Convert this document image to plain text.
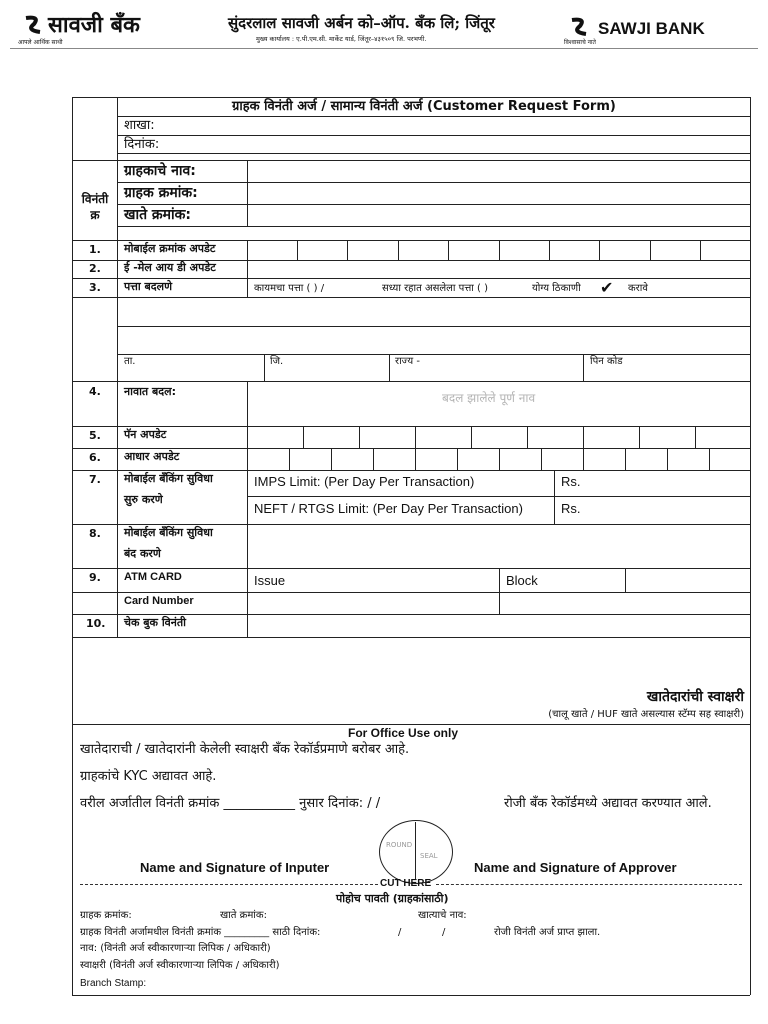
सावजी बँक
आपले आर्थिक साथी
सुंदरलाल सावजी अर्बन को–ऑप. बँक लि; जिंतूर
मुख्य कार्यालय : ए.पी.एम.सी. मार्केट यार्ड, जिंतूर–४३१५०९ जि. परभणी.
SAWJI BANK
विश्वासाचे नाते
ग्राहक विनंती अर्ज / सामान्य विनंती अर्ज (Customer Request Form)
शाखा:
दिनांक:
विनंती क्र
ग्राहकाचे नाव:
ग्राहक क्रमांक:
खाते क्रमांक:
1. मोबाईल क्रमांक अपडेट
2. ई -मेल आय डी अपडेट
3. पत्ता बदलणे	कायमचा पत्ता ( ) /	सध्या रहात असलेला पत्ता ( )	योग्य ठिकाणी ✔ करावे
ता.	जि.	राज्य -	पिन कोड
4. नावात बदल:	बदल झालेले पूर्ण नाव
5. पॅन अपडेट
6. आधार अपडेट
7. मोबाईल बँकिंग सुविधा
सुरु करणे
IMPS Limit: (Per Day Per Transaction)	Rs.
NEFT / RTGS Limit: (Per Day Per Transaction)	Rs.
8. मोबाईल बँकिंग सुविधा
बंद करणे
9. ATM CARD	Issue	Block
Card Number
10. चेक बुक विनंती
खातेदारांची स्वाक्षरी
(चालू खाते / HUF खाते असल्यास स्टॅम्प सह स्वाक्षरी)
For Office Use only
खातेदाराची / खातेदारांनी केलेली स्वाक्षरी बँक रेकॉर्डप्रमाणे बरोबर आहे.
ग्राहकांचे KYC अद्यावत आहे.
वरील अर्जातील विनंती क्रमांक ___________ नुसार दिनांक: / /	रोजी बँक रेकॉर्डमध्ये अद्यावत करण्यात आले.
ROUND
SEAL
Name and Signature of Inputer	Name and Signature of Approver
CUT HERE
पोहोच पावती (ग्राहकांसाठी)
ग्राहक क्रमांक:	खाते क्रमांक:	खात्याचे नाव:
ग्राहक विनंती अर्जामधील विनंती क्रमांक _________ साठी दिनांक:	/	/	रोजी विनंती अर्ज प्राप्त झाला.
नाव: (विनंती अर्ज स्वीकारणाऱ्या लिपिक / अधिकारी)
स्वाक्षरी (विनंती अर्ज स्वीकारणाऱ्या लिपिक / अधिकारी)
Branch Stamp:
